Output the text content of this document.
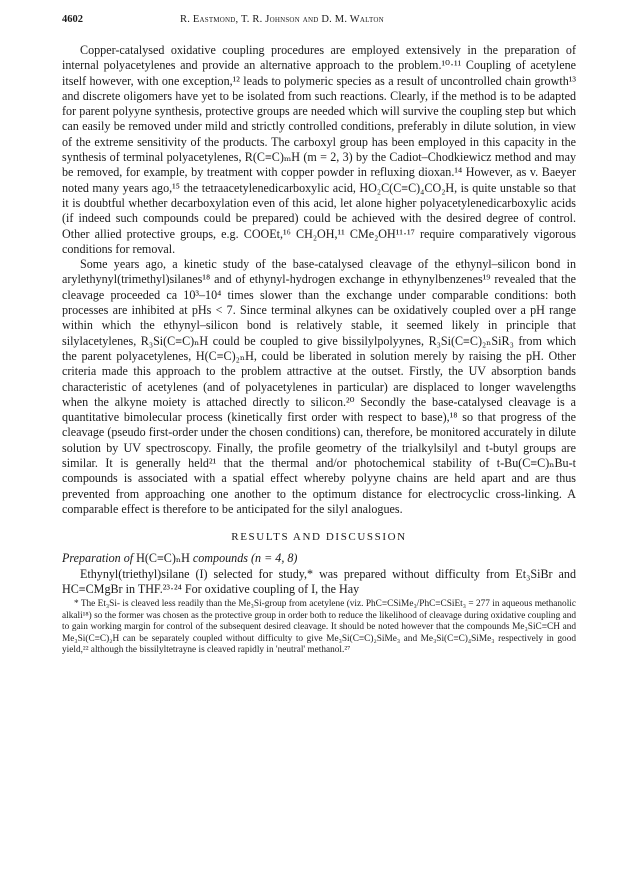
4602	R. Eastmond, T. R. Johnson and D. M. Walton

Copper-catalysed oxidative coupling procedures are employed extensively in the preparation of internal polyacetylenes and provide an alternative approach to the problem.¹⁰·¹¹ Coupling of acetylene itself however, with one exception,¹² leads to polymeric species as a result of uncontrolled chain growth¹³ and discrete oligomers have yet to be isolated from such reactions. Clearly, if the method is to be adapted for parent polyyne synthesis, protective groups are needed which will survive the coupling step but which can easily be removed under mild and strictly controlled conditions, preferably in dilute solution, in view of the extreme sensitivity of the products. The carboxyl group has been employed in this capacity in the synthesis of terminal polyacetylenes, R(C≡C)ₘH (m = 2, 3) by the Cadiot–Chodkiewicz method and may be removed, for example, by treatment with copper powder in refluxing dioxan.¹⁴ However, as v. Baeyer noted many years ago,¹⁵ the tetraacetylenedicarboxylic acid, HO₂C(C≡C)₄CO₂H, is quite unstable so that it is doubtful whether decarboxylation even of this acid, let alone higher polyacetylenedicarboxylic acids (if indeed such compounds could be prepared) could be achieved with the desired degree of control. Other allied protective groups, e.g. COOEt,¹⁶ CH₂OH,¹¹ CMe₂OH¹¹·¹⁷ require comparatively vigorous conditions for removal.

Some years ago, a kinetic study of the base-catalysed cleavage of the ethynyl–silicon bond in arylethynyl(trimethyl)silanes¹⁸ and of ethynyl-hydrogen exchange in ethynylbenzenes¹⁹ revealed that the cleavage proceeded ca 10³–10⁴ times slower than the exchange under comparable conditions: both processes are inhibited at pHs < 7. Since terminal alkynes can be oxidatively coupled over a pH range within which the ethynyl–silicon bond is relatively stable, it seemed likely in principle that silylacetylenes, R₃Si(C≡C)ₙH could be coupled to give bissilylpolyynes, R₃Si(C≡C)₂ₙSiR₃ from which the parent polyacetylenes, H(C≡C)₂ₙH, could be liberated in solution merely by raising the pH. Other criteria made this approach to the problem attractive at the outset. Firstly, the UV absorption bands characteristic of acetylenes (and of polyacetylenes in particular) are displaced to longer wavelengths when the alkyne moiety is attached directly to silicon.²⁰ Secondly the base-catalysed cleavage is a quantitative bimolecular process (kinetically first order with respect to base),¹⁸ so that progress of the cleavage (pseudo first-order under the chosen conditions) can, therefore, be monitored accurately in dilute solution by UV spectroscopy. Finally, the profile geometry of the trialkylsilyl and t-butyl groups are similar. It is generally held²¹ that the thermal and/or photochemical stability of t-Bu(C≡C)ₙBu-t compounds is associated with a spatial effect whereby polyyne chains are held apart and are thus prevented from approaching one another to the optimum distance for electrocyclic cross-linking. A comparable effect is therefore to be anticipated for the silyl analogues.

RESULTS AND DISCUSSION

Preparation of H(C≡C)ₙH compounds (n = 4, 8)

Ethynyl(triethyl)silane (I) selected for study,* was prepared without difficulty from Et₃SiBr and HC≡CMgBr in THF.²³·²⁴ For oxidative coupling of I, the Hay

* The Et₃Si- is cleaved less readily than the Me₃Si-group from acetylene (viz. PhC≡CSiMe₃/PhC≡CSiEt₃ = 277 in aqueous methanolic alkali¹⁸) so the former was chosen as the protective group in order both to reduce the likelihood of cleavage during oxidative coupling and to gain working margin for control of the subsequent desired cleavage. It should be noted however that the compounds Me₃SiC≡CH and Me₃Si(C≡C)₂H can be separately coupled without difficulty to give Me₃Si(C≡C)₂SiMe₃ and Me₃Si(C≡C)₄SiMe₃ respectively in good yield,²² although the bissilyltetrayne is cleaved rapidly in 'neutral' methanol.²⁷
